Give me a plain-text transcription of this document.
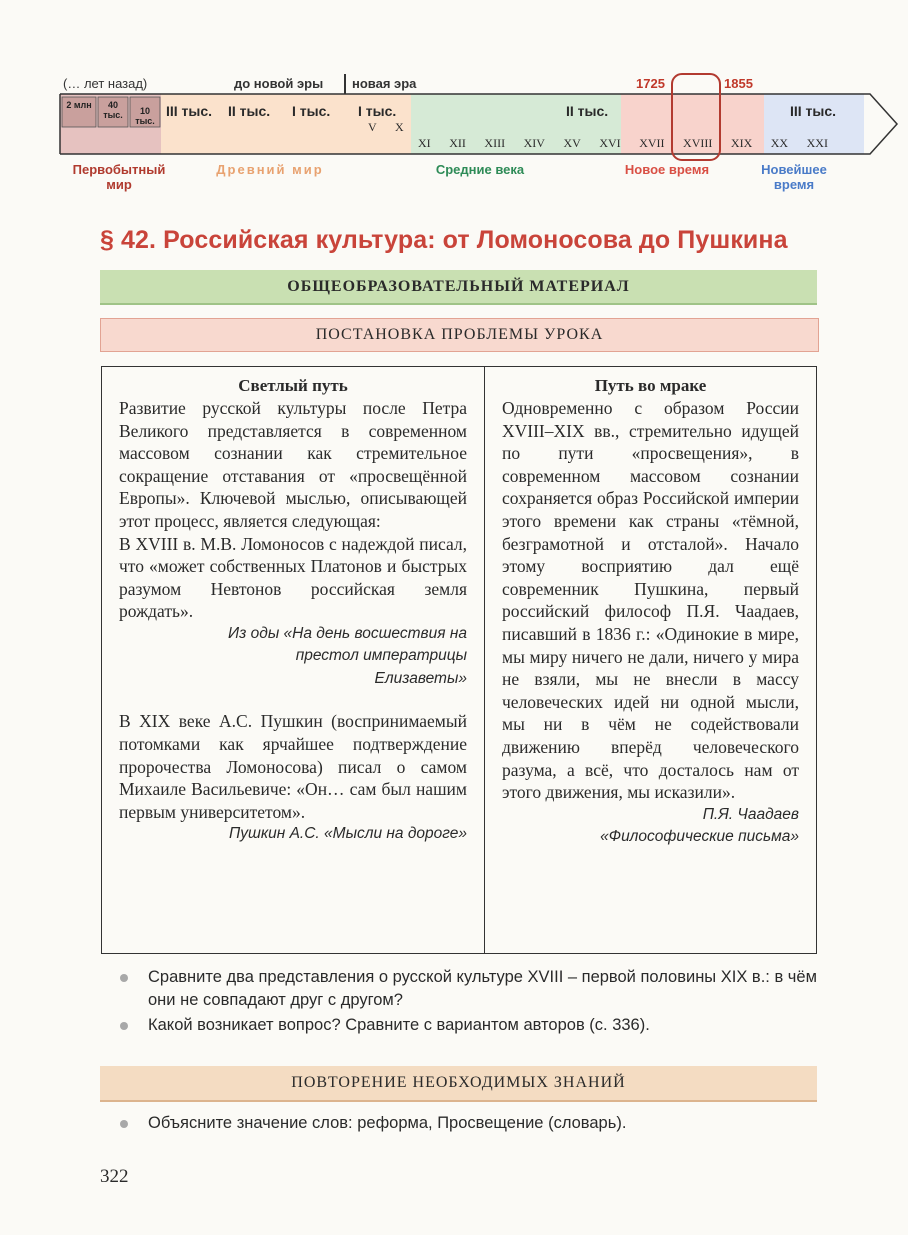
(… лет назад)	до новой эры новая эра	1725	1855
2 млн	40 тыс.	10 тыс.
III тыс. II тыс. I тыс. I тыс.
V X
II тыс.	III тыс.
XI XII XIII XIV XV XVI XVII XVIII XIX XX XXI
Первобытный мир
Древний мир	Средние века	Новое время	Новейшее время
§ 42. Российская культура: от Ломоносова до Пушкина
ОБЩЕОБРАЗОВАТЕЛЬНЫЙ МАТЕРИАЛ
ПОСТАНОВКА ПРОБЛЕМЫ УРОКА
Светлый путь

Развитие русской культуры после Петра Великого представляется в современном массовом сознании как стремительное сокращение отставания от «просвещённой Европы». Ключевой мыслью, описывающей этот процесс, является следующая:

В XVIII в. М.В. Ломоносов с надеждой писал, что «может собственных Платонов и быстрых разумом Невтонов российская земля рождать».

Из оды «На день восшествия на престол императрицы Елизаветы»

В XIX веке А.С. Пушкин (воспринимаемый потомками как ярчайшее подтверждение пророчества Ломоносова) писал о самом Михаиле Васильевиче: «Он… сам был нашим первым университетом».

Пушкин А.С. «Мысли на дороге»
Путь во мраке

Одновременно с образом России XVIII–XIX вв., стремительно идущей по пути «просвещения», в современном массовом сознании сохраняется образ Российской империи этого времени как страны «тёмной, безграмотной и отсталой». Начало этому восприятию дал ещё современник Пушкина, первый российский философ П.Я. Чаадаев, писавший в 1836 г.: «Одинокие в мире, мы миру ничего не дали, ничего у мира не взяли, мы не внесли в массу человеческих идей ни одной мысли, мы ни в чём не содействовали движению вперёд человеческого разума, а всё, что досталось нам от этого движения, мы исказили».

П.Я. Чаадаев
«Философические письма»
Сравните два представления о русской культуре XVIII – первой половины XIX в.: в чём они не совпадают друг с другом?
Какой возникает вопрос? Сравните с вариантом авторов (с. 336).
ПОВТОРЕНИЕ НЕОБХОДИМЫХ ЗНАНИЙ
Объясните значение слов: реформа, Просвещение (словарь).
322
